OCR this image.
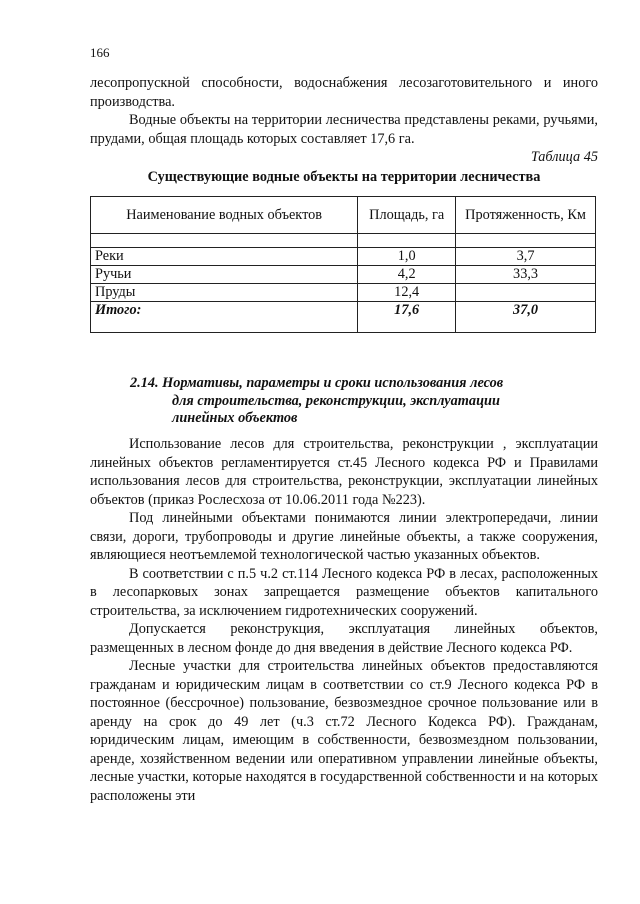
166

лесопропускной способности, водоснабжения лесозаготовительного и иного производства.

Водные объекты на территории лесничества представлены реками, ручьями, прудами, общая площадь которых составляет 17,6 га.

Таблица 45

Существующие водные объекты на территории лесничества

Наименование водных объектов	Площадь, га	Протяженность, Км

Реки	1,0	3,7
Ручьи	4,2	33,3
Пруды	12,4	
Итого:	17,6	37,0
2.14. Нормативы, параметры и сроки использования лесов
для строительства, реконструкции, эксплуатации
линейных объектов

Использование лесов для строительства, реконструкции , эксплуатации линейных объектов регламентируется ст.45 Лесного кодекса РФ и Правилами использования лесов для строительства, реконструкции, эксплуатации линейных объектов (приказ Рослесхоза от 10.06.2011 года №223).

Под линейными объектами понимаются линии электропередачи, линии связи, дороги, трубопроводы и другие линейные объекты, а также сооружения, являющиеся неотъемлемой технологической частью указанных объектов.

В соответствии с п.5 ч.2 ст.114 Лесного кодекса РФ в лесах, расположенных в лесопарковых зонах запрещается размещение объектов капитального строительства, за исключением гидротехнических сооружений.

Допускается реконструкция, эксплуатация линейных объектов, размещенных в лесном фонде до дня введения в действие Лесного кодекса РФ.

Лесные участки для строительства линейных объектов предоставляются гражданам и юридическим лицам в соответствии со ст.9 Лесного кодекса РФ в постоянное (бессрочное) пользование, безвозмездное срочное пользование или в аренду на срок до 49 лет (ч.3 ст.72 Лесного Кодекса РФ). Гражданам, юридическим лицам, имеющим в собственности, безвозмездном пользовании, аренде, хозяйственном ведении или оперативном управлении линейные объекты, лесные участки, которые находятся в государственной собственности и на которых расположены эти
